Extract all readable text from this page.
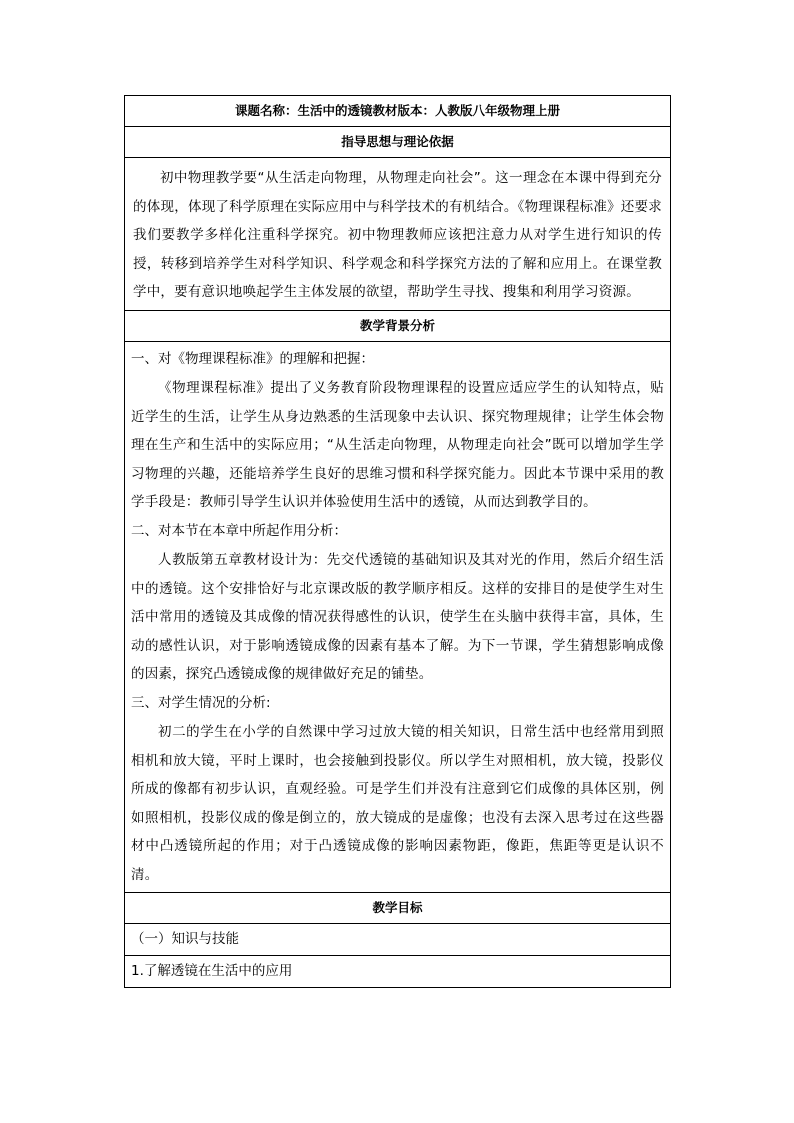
课题名称：生活中的透镜教材版本：人教版八年级物理上册
指导思想与理论依据

初中物理教学要“从生活走向物理，从物理走向社会”。这一理念在本课中得到充分的体现，体现了科学原理在实际应用中与科学技术的有机结合。《物理课程标准》还要求我们要教学多样化注重科学探究。初中物理教师应该把注意力从对学生进行知识的传授，转移到培养学生对科学知识、科学观念和科学探究方法的了解和应用上。在课堂教学中，要有意识地唤起学生主体发展的欲望，帮助学生寻找、搜集和利用学习资源。

教学背景分析

一、对《物理课程标准》的理解和把握：

《物理课程标准》提出了义务教育阶段物理课程的设置应适应学生的认知特点，贴近学生的生活，让学生从身边熟悉的生活现象中去认识、探究物理规律；让学生体会物理在生产和生活中的实际应用；“从生活走向物理，从物理走向社会”既可以增加学生学习物理的兴趣，还能培养学生良好的思维习惯和科学探究能力。因此本节课中采用的教学手段是：教师引导学生认识并体验使用生活中的透镜，从而达到教学目的。

二、对本节在本章中所起作用分析：

人教版第五章教材设计为：先交代透镜的基础知识及其对光的作用，然后介绍生活中的透镜。这个安排恰好与北京课改版的教学顺序相反。这样的安排目的是使学生对生活中常用的透镜及其成像的情况获得感性的认识，使学生在头脑中获得丰富，具体，生动的感性认识，对于影响透镜成像的因素有基本了解。为下一节课，学生猜想影响成像的因素，探究凸透镜成像的规律做好充足的铺垫。

三、对学生情况的分析:

初二的学生在小学的自然课中学习过放大镜的相关知识，日常生活中也经常用到照相机和放大镜，平时上课时，也会接触到投影仪。所以学生对照相机，放大镜，投影仪所成的像都有初步认识，直观经验。可是学生们并没有注意到它们成像的具体区别，例如照相机，投影仪成的像是倒立的，放大镜成的是虚像；也没有去深入思考过在这些器材中凸透镜所起的作用；对于凸透镜成像的影响因素物距，像距，焦距等更是认识不清。

教学目标
（一）知识与技能
1.了解透镜在生活中的应用
